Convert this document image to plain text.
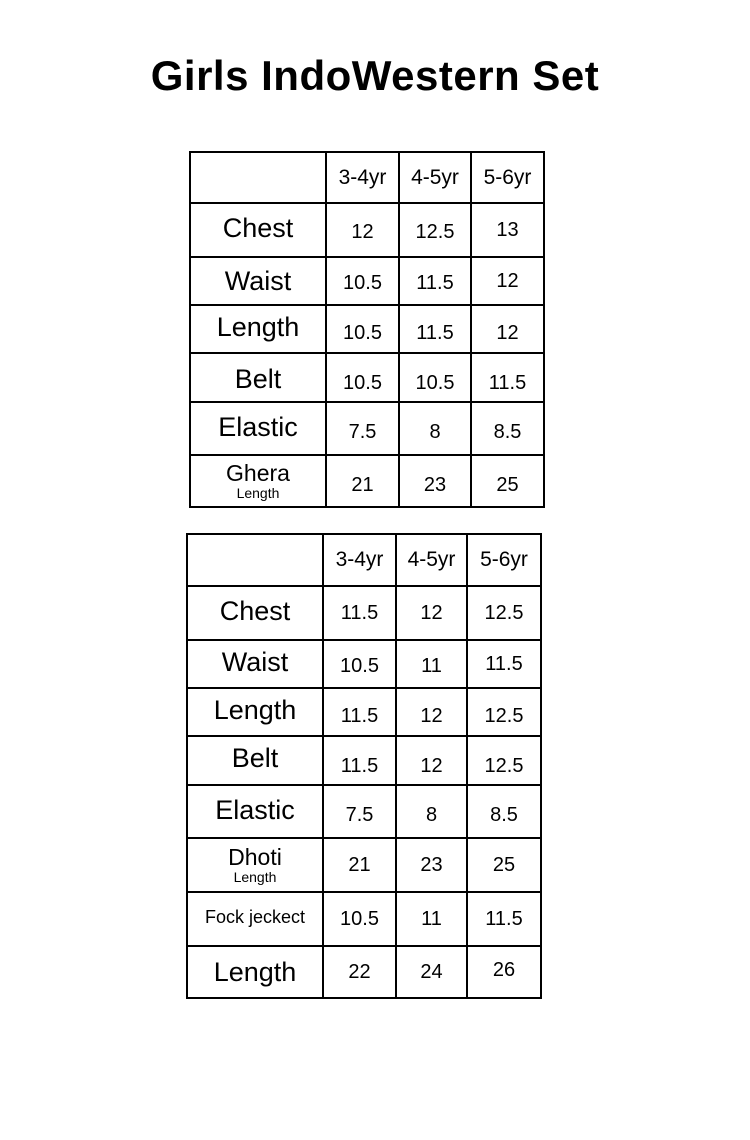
Girls IndoWestern Set
	3-4yr	4-5yr	5-6yr

Chest	12	12.5	13

Waist	10.5	11.5	12

Length	10.5	11.5	12

Belt	10.5	10.5	11.5

Elastic	7.5	8	8.5

Ghera
Length	21	23	25
	3-4yr	4-5yr	5-6yr

Chest	11.5	12	12.5

Waist	10.5	11	11.5

Length	11.5	12	12.5

Belt	11.5	12	12.5

Elastic	7.5	8	8.5

Dhoti
Length	21	23	25

Fock jeckect	10.5	11	11.5

Length	22	24	26
